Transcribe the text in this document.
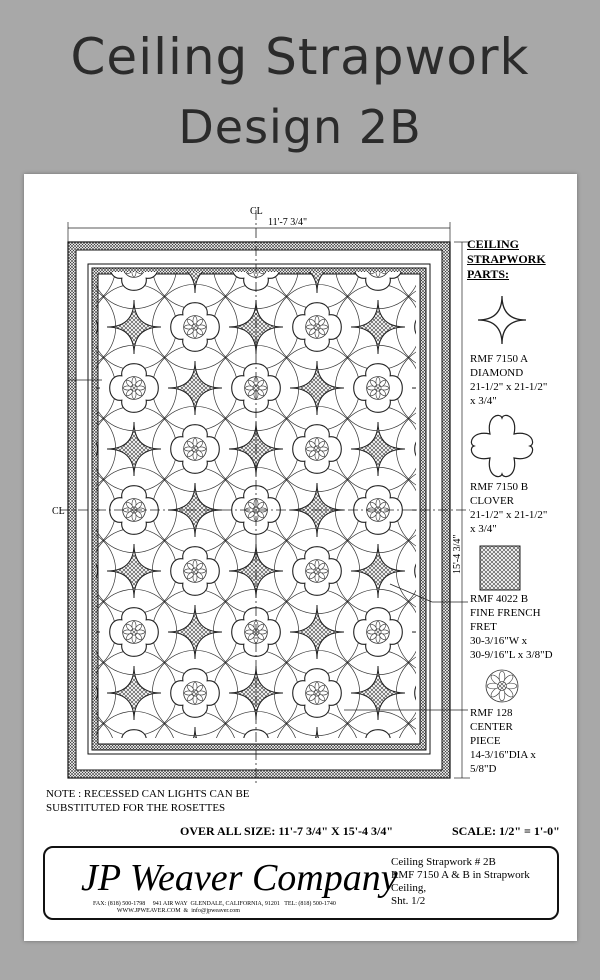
Ceiling Strapwork
Design 2B
CL
CL
11'-7 3/4"
15'-4 3/4"
CEILING
STRAPWORK
PARTS:
RMF 7150 A
DIAMOND
21-1/2" x 21-1/2"
x 3/4"
RMF 7150 B
CLOVER
21-1/2" x 21-1/2"
x 3/4"
RMF 4022 B
FINE FRENCH
FRET
30-3/16"W x
30-9/16"L x 3/8"D
RMF 128
CENTER
PIECE
14-3/16"DIA x
5/8"D
NOTE : RECESSED CAN LIGHTS CAN BE SUBSTITUTED FOR THE ROSETTES
OVER ALL SIZE: 11'-7 3/4" X 15'-4 3/4"	SCALE: 1/2" = 1'-0"
JP Weaver Company
FAX: (818) 500-1798     941 AIR WAY  GLENDALE, CALIFORNIA, 91201   TEL: (818) 500-1740
WWW.JPWEAVER.COM  &  info@jpweaver.com
Ceiling Strapwork # 2B
RMF 7150 A & B in Strapwork
Ceiling,
Sht. 1/2
